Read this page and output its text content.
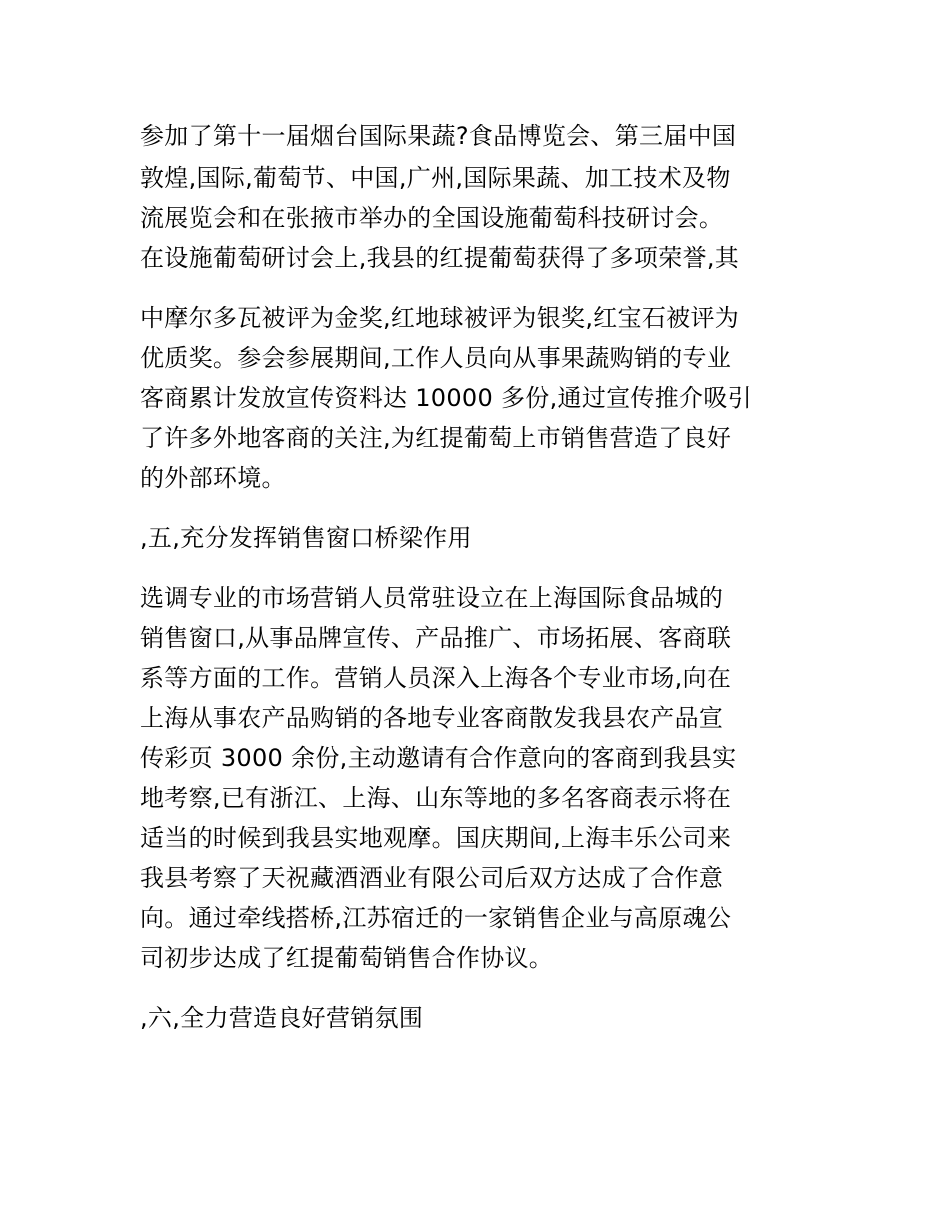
参加了第十一届烟台国际果蔬?食品博览会、第三届中国
敦煌,国际,葡萄节、中国,广州,国际果蔬、加工技术及物
流展览会和在张掖市举办的全国设施葡萄科技研讨会。
在设施葡萄研讨会上,我县的红提葡萄获得了多项荣誉,其
中摩尔多瓦被评为金奖,红地球被评为银奖,红宝石被评为
优质奖。参会参展期间,工作人员向从事果蔬购销的专业
客商累计发放宣传资料达 10000 多份,通过宣传推介吸引
了许多外地客商的关注,为红提葡萄上市销售营造了良好
的外部环境。
,五,充分发挥销售窗口桥梁作用
选调专业的市场营销人员常驻设立在上海国际食品城的
销售窗口,从事品牌宣传、产品推广、市场拓展、客商联
系等方面的工作。营销人员深入上海各个专业市场,向在
上海从事农产品购销的各地专业客商散发我县农产品宣
传彩页 3000 余份,主动邀请有合作意向的客商到我县实
地考察,已有浙江、上海、山东等地的多名客商表示将在
适当的时候到我县实地观摩。国庆期间,上海丰乐公司来
我县考察了天祝藏酒酒业有限公司后双方达成了合作意
向。通过牵线搭桥,江苏宿迁的一家销售企业与高原魂公
司初步达成了红提葡萄销售合作协议。
,六,全力营造良好营销氛围
